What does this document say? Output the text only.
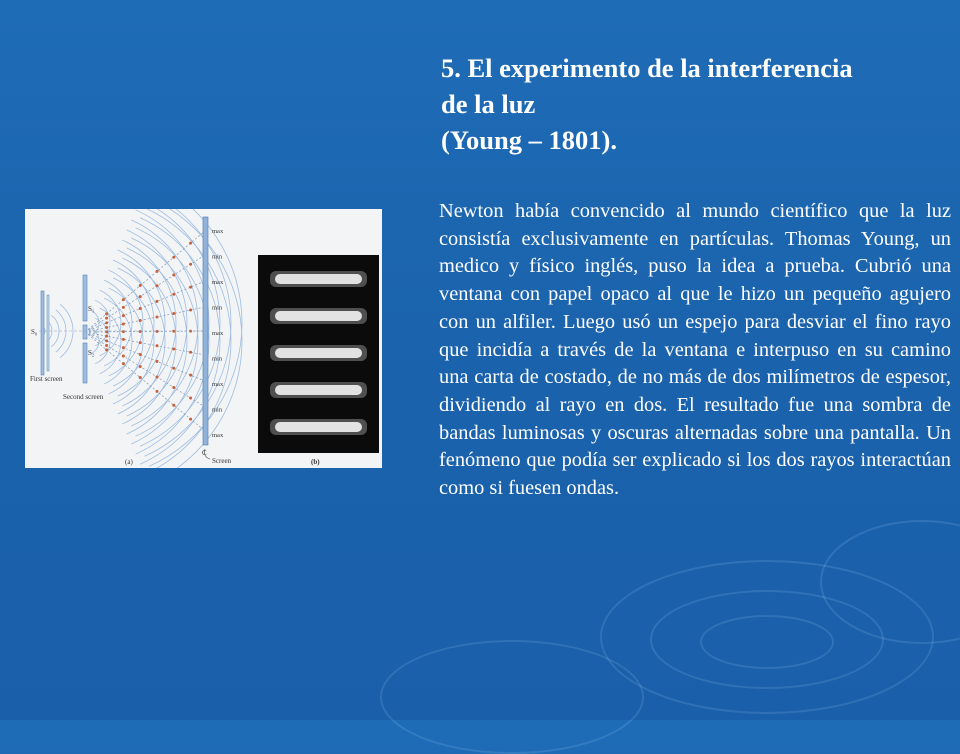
5. El experimento de la interferencia
de la luz
(Young – 1801).

Newton había convencido al mundo científico que la luz consistía exclusivamente en partículas. Thomas Young, un medico y físico inglés, puso la idea a prueba. Cubrió una ventana con papel opaco al que le hizo un pequeño agujero con un alfiler. Luego usó un espejo para desviar el fino rayo que incidía a través de la ventana e interpuso en su camino una carta de costado, de no más de dos milímetros de espesor, dividiendo al rayo en dos. El resultado fue una sombra de bandas luminosas y oscuras alternadas sobre una pantalla. Un fenómeno que podía ser explicado si los dos rayos interactúan como si fuesen ondas.

S₀
S₁
S₂
First screen
Second screen
C
Screen
(a)
max
min
max
min
max
min
max
min
max
(b)
